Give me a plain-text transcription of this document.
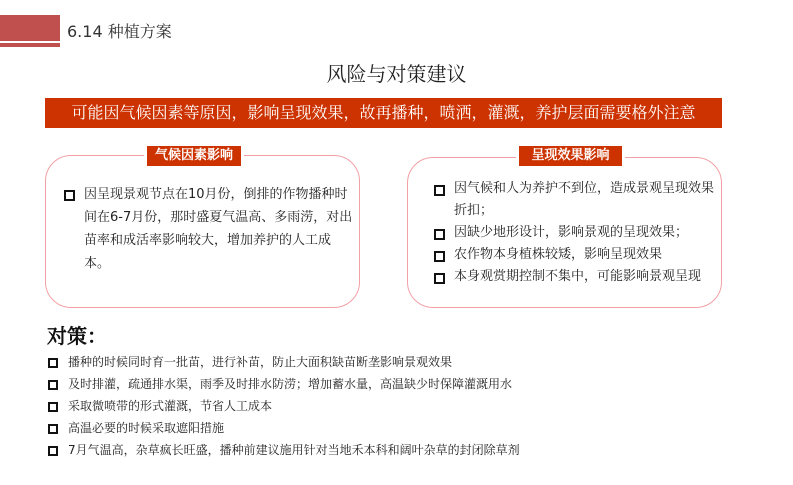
6.14 种植方案
风险与对策建议
可能因气候因素等原因，影响呈现效果，故再播种，喷洒，灌溉，养护层面需要格外注意
气候因素影响
因呈现景观节点在10月份，倒排的作物播种时间在6-7月份，那时盛夏气温高、多雨涝，对出苗率和成活率影响较大，增加养护的人工成本。
呈现效果影响
因气候和人为养护不到位，造成景观呈现效果折扣；
因缺少地形设计，影响景观的呈现效果；
农作物本身植株较矮，影响呈现效果
本身观赏期控制不集中，可能影响景观呈现
对策：
播种的时候同时育一批苗，进行补苗，防止大面积缺苗断垄影响景观效果
及时排灌，疏通排水渠，雨季及时排水防涝；增加蓄水量，高温缺少时保障灌溉用水
采取微喷带的形式灌溉，节省人工成本
高温必要的时候采取遮阳措施
7月气温高，杂草疯长旺盛，播种前建议施用针对当地禾本科和阔叶杂草的封闭除草剂
